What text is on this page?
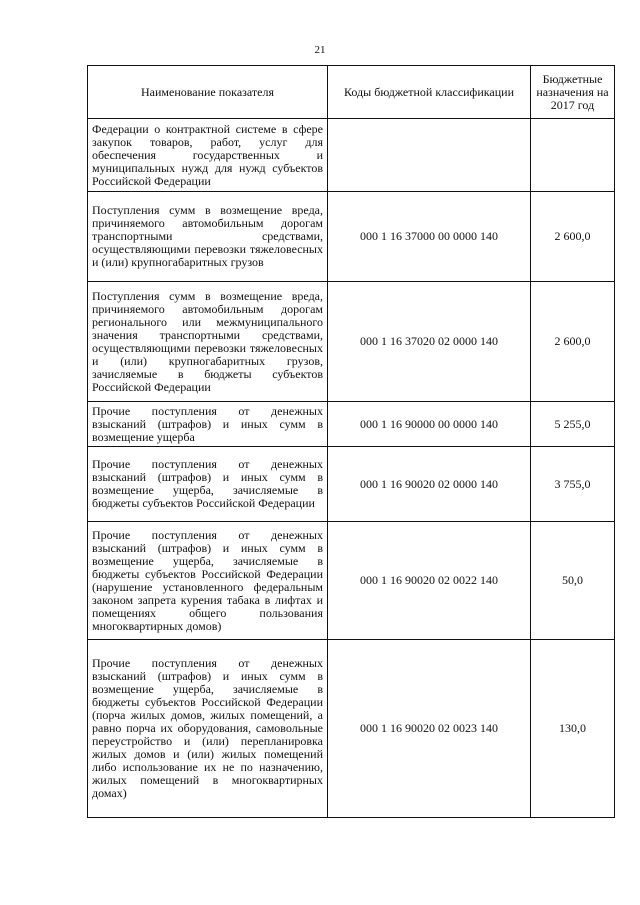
21
Наименование показателя	Коды бюджетной классификации	Бюджетные назначения на 2017 год
Федерации о контрактной системе в сфере закупок товаров, работ, услуг для обеспечения государственных и муниципальных нужд для нужд субъектов Российской Федерации		
Поступления сумм в возмещение вреда, причиняемого автомобильным дорогам транспортными средствами, осуществляющими перевозки тяжеловесных и (или) крупногабаритных грузов	000 1 16 37000 00 0000 140	2 600,0
Поступления сумм в возмещение вреда, причиняемого автомобильным дорогам регионального или межмуниципального значения транспортными средствами, осуществляющими перевозки тяжеловесных и (или) крупногабаритных грузов, зачисляемые в бюджеты субъектов Российской Федерации	000 1 16 37020 02 0000 140	2 600,0
Прочие поступления от денежных взысканий (штрафов) и иных сумм в возмещение ущерба	000 1 16 90000 00 0000 140	5 255,0
Прочие поступления от денежных взысканий (штрафов) и иных сумм в возмещение ущерба, зачисляемые в бюджеты субъектов Российской Федерации	000 1 16 90020 02 0000 140	3 755,0
Прочие поступления от денежных взысканий (штрафов) и иных сумм в возмещение ущерба, зачисляемые в бюджеты субъектов Российской Федерации (нарушение установленного федеральным законом запрета курения табака в лифтах и помещениях общего пользования многоквартирных домов)	000 1 16 90020 02 0022 140	50,0
Прочие поступления от денежных взысканий (штрафов) и иных сумм в возмещение ущерба, зачисляемые в бюджеты субъектов Российской Федерации (порча жилых домов, жилых помещений, а равно порча их оборудования, самовольные переустройство и (или) перепланировка жилых домов и (или) жилых помещений либо использование их не по назначению, жилых помещений в многоквартирных домах)	000 1 16 90020 02 0023 140	130,0
